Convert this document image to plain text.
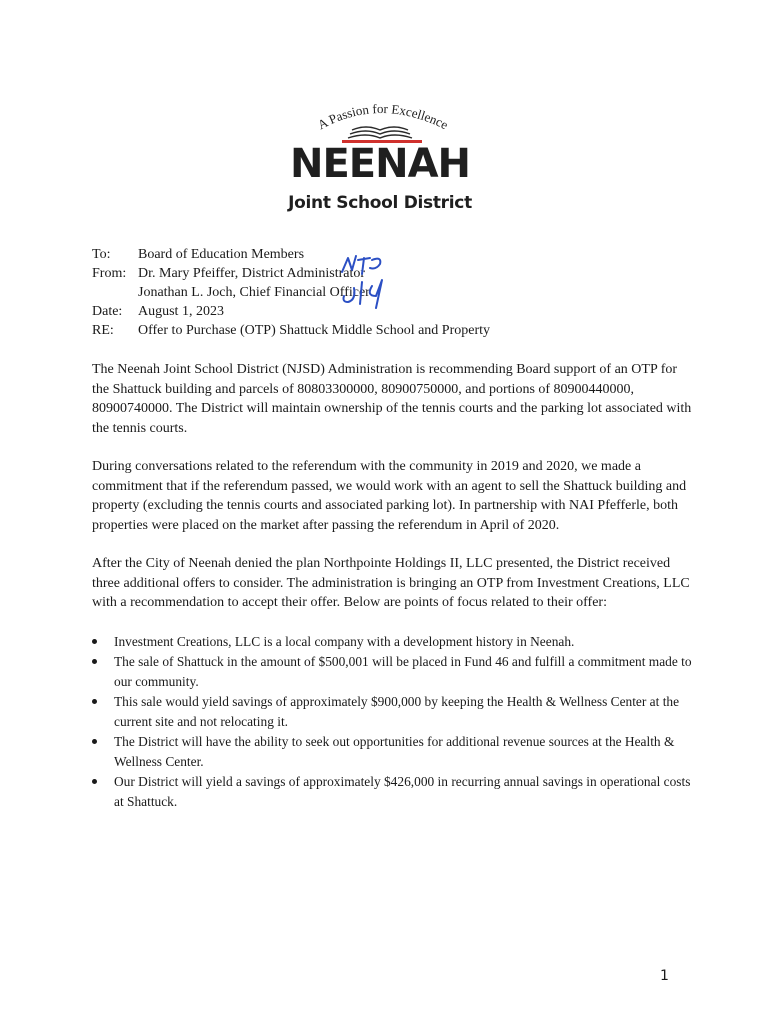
A Passion for Excellence
NEENAH
Joint School District
To:	Board of Education Members
From: Dr. Mary Pfeiffer, District Administrator
Jonathan L. Joch, Chief Financial Officer
Date:	August 1, 2023
RE:	Offer to Purchase (OTP) Shattuck Middle School and Property

The Neenah Joint School District (NJSD) Administration is recommending Board support of an OTP for the Shattuck building and parcels of 80803300000, 80900750000, and portions of 80900440000, 80900740000. The District will maintain ownership of the tennis courts and the parking lot associated with the tennis courts.

During conversations related to the referendum with the community in 2019 and 2020, we made a commitment that if the referendum passed, we would work with an agent to sell the Shattuck building and property (excluding the tennis courts and associated parking lot). In partnership with NAI Pfefferle, both properties were placed on the market after passing the referendum in April of 2020.

After the City of Neenah denied the plan Northpointe Holdings II, LLC presented, the District received three additional offers to consider. The administration is bringing an OTP from Investment Creations, LLC with a recommendation to accept their offer. Below are points of focus related to their offer:

Investment Creations, LLC is a local company with a development history in Neenah.
The sale of Shattuck in the amount of $500,001 will be placed in Fund 46 and fulfill a commitment made to our community.
This sale would yield savings of approximately $900,000 by keeping the Health & Wellness Center at the current site and not relocating it.
The District will have the ability to seek out opportunities for additional revenue sources at the Health & Wellness Center.
Our District will yield a savings of approximately $426,000 in recurring annual savings in operational costs at Shattuck.
1
